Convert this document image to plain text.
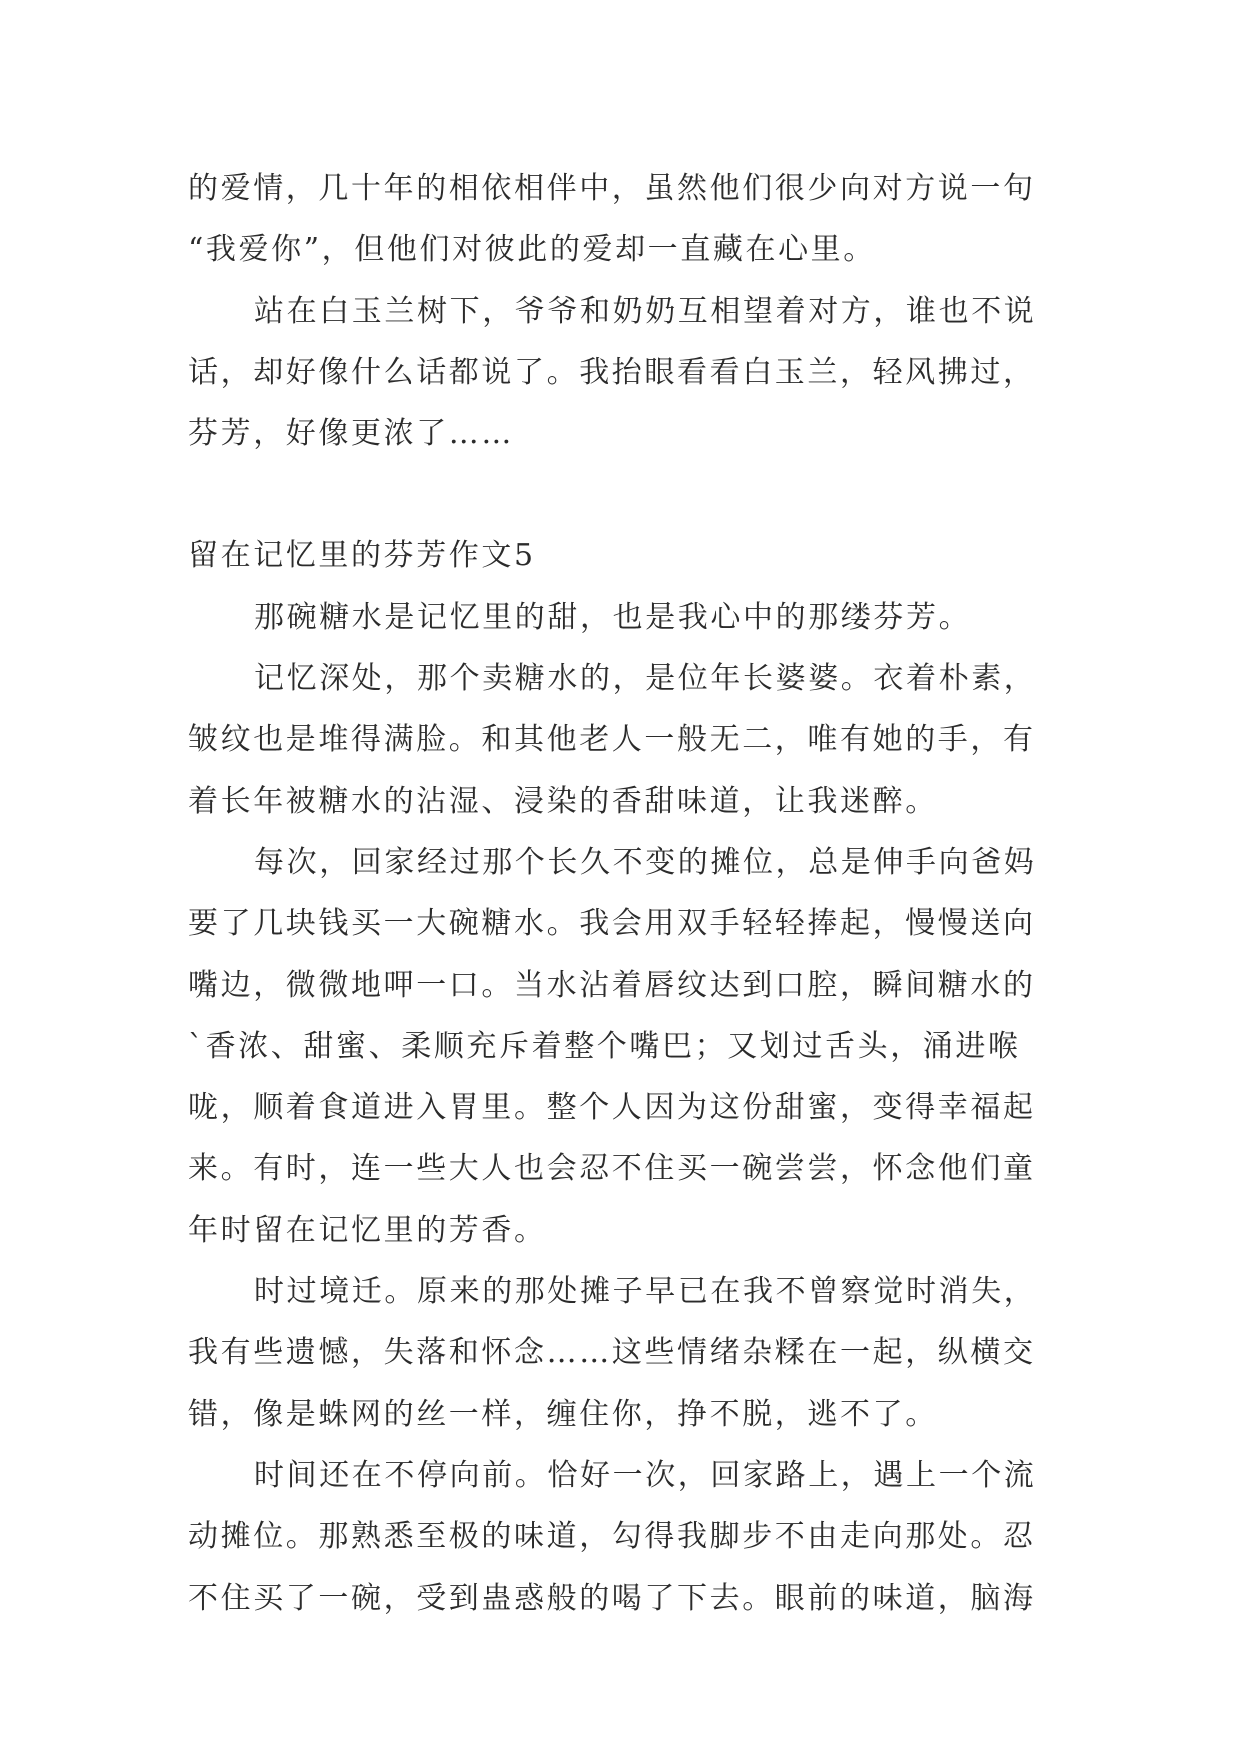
的爱情，几十年的相依相伴中，虽然他们很少向对方说一句

“我爱你”，但他们对彼此的爱却一直藏在心里。

站在白玉兰树下，爷爷和奶奶互相望着对方，谁也不说

话，却好像什么话都说了。我抬眼看看白玉兰，轻风拂过，

芬芳，好像更浓了……

留在记忆里的芬芳作文5

那碗糖水是记忆里的甜，也是我心中的那缕芬芳。

记忆深处，那个卖糖水的，是位年长婆婆。衣着朴素，

皱纹也是堆得满脸。和其他老人一般无二，唯有她的手，有

着长年被糖水的沾湿、浸染的香甜味道，让我迷醉。

每次，回家经过那个长久不变的摊位，总是伸手向爸妈

要了几块钱买一大碗糖水。我会用双手轻轻捧起，慢慢送向

嘴边，微微地呷一口。当水沾着唇纹达到口腔，瞬间糖水的

`香浓、甜蜜、柔顺充斥着整个嘴巴；又划过舌头，涌进喉

咙，顺着食道进入胃里。整个人因为这份甜蜜，变得幸福起

来。有时，连一些大人也会忍不住买一碗尝尝，怀念他们童

年时留在记忆里的芳香。

时过境迁。原来的那处摊子早已在我不曾察觉时消失，

我有些遗憾，失落和怀念……这些情绪杂糅在一起，纵横交

错，像是蛛网的丝一样，缠住你，挣不脱，逃不了。

时间还在不停向前。恰好一次，回家路上，遇上一个流

动摊位。那熟悉至极的味道，勾得我脚步不由走向那处。忍

不住买了一碗，受到蛊惑般的喝了下去。眼前的味道，脑海
